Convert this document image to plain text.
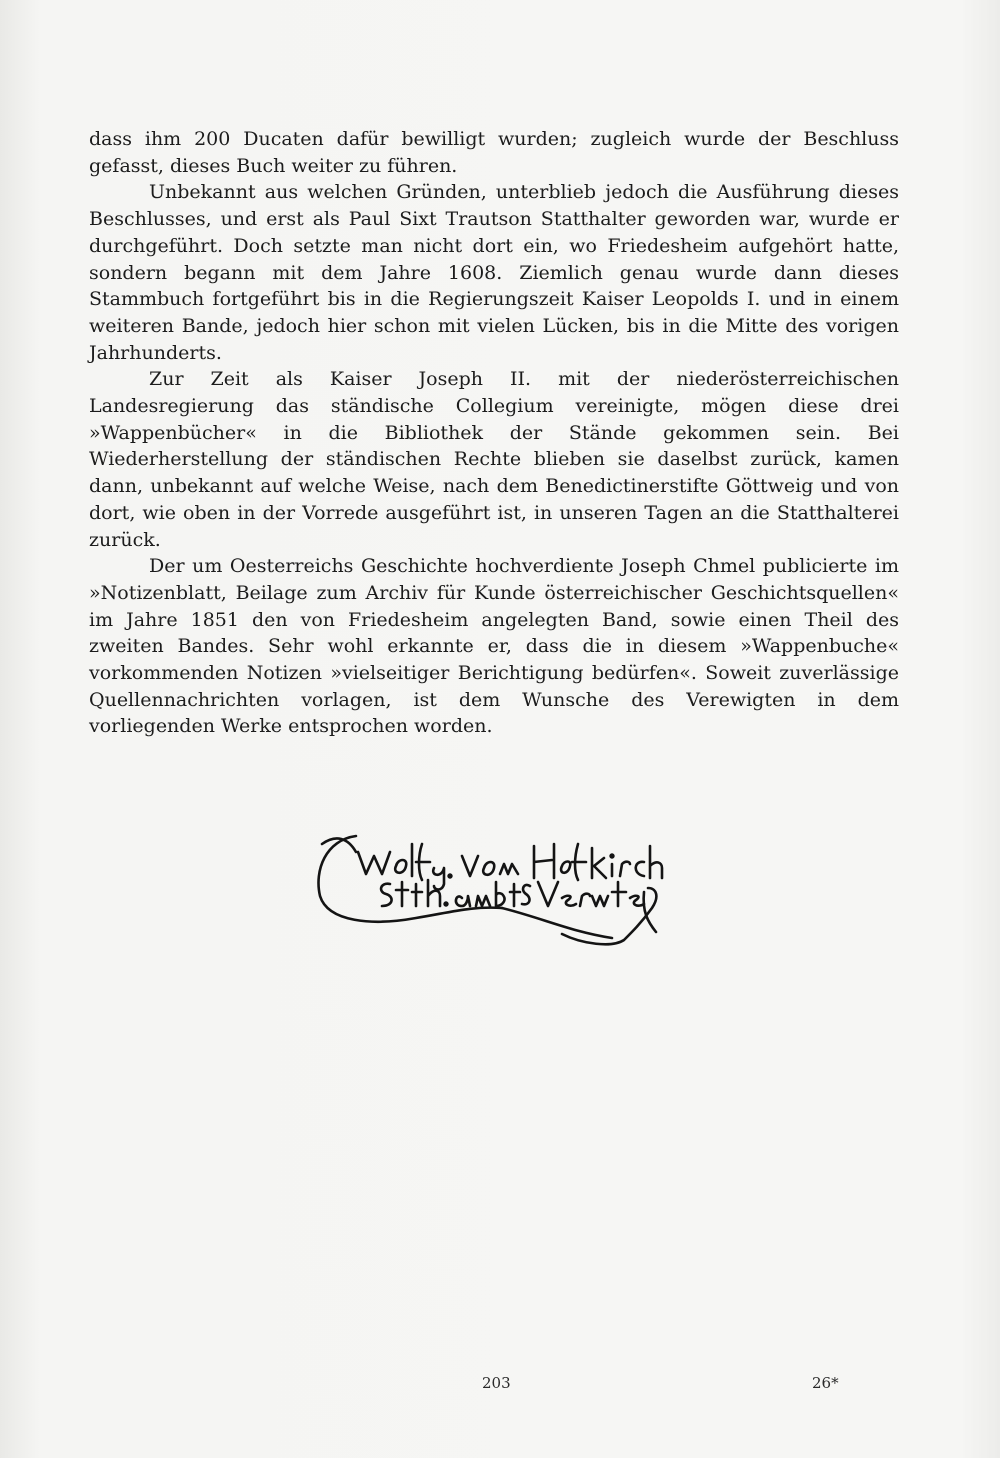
dass ihm 200 Ducaten dafür bewilligt wurden; zugleich wurde der Beschluss gefasst, dieses Buch weiter zu führen.

Unbekannt aus welchen Gründen, unterblieb jedoch die Ausführung dieses Beschlusses, und erst als Paul Sixt Trautson Statthalter geworden war, wurde er durchgeführt. Doch setzte man nicht dort ein, wo Friedesheim aufgehört hatte, sondern begann mit dem Jahre 1608. Ziemlich genau wurde dann dieses Stammbuch fortgeführt bis in die Regierungszeit Kaiser Leopolds I. und in einem weiteren Bande, jedoch hier schon mit vielen Lücken, bis in die Mitte des vorigen Jahrhunderts.

Zur Zeit als Kaiser Joseph II. mit der niederösterreichischen Landesregierung das ständische Collegium vereinigte, mögen diese drei »Wappenbücher« in die Bibliothek der Stände gekommen sein. Bei Wiederherstellung der ständischen Rechte blieben sie daselbst zurück, kamen dann, unbekannt auf welche Weise, nach dem Benedictinerstifte Göttweig und von dort, wie oben in der Vorrede ausgeführt ist, in unseren Tagen an die Statthalterei zurück.

Der um Oesterreichs Geschichte hochverdiente Joseph Chmel publicierte im »Notizenblatt, Beilage zum Archiv für Kunde österreichischer Geschichtsquellen« im Jahre 1851 den von Friedesheim angelegten Band, sowie einen Theil des zweiten Bandes. Sehr wohl erkannte er, dass die in diesem »Wappenbuche« vorkommenden Notizen »vielseitiger Berichtigung bedürfen«. Soweit zuverlässige Quellennachrichten vorlagen, ist dem Wunsche des Verewigten in dem vorliegenden Werke entsprochen worden.

203	26*
